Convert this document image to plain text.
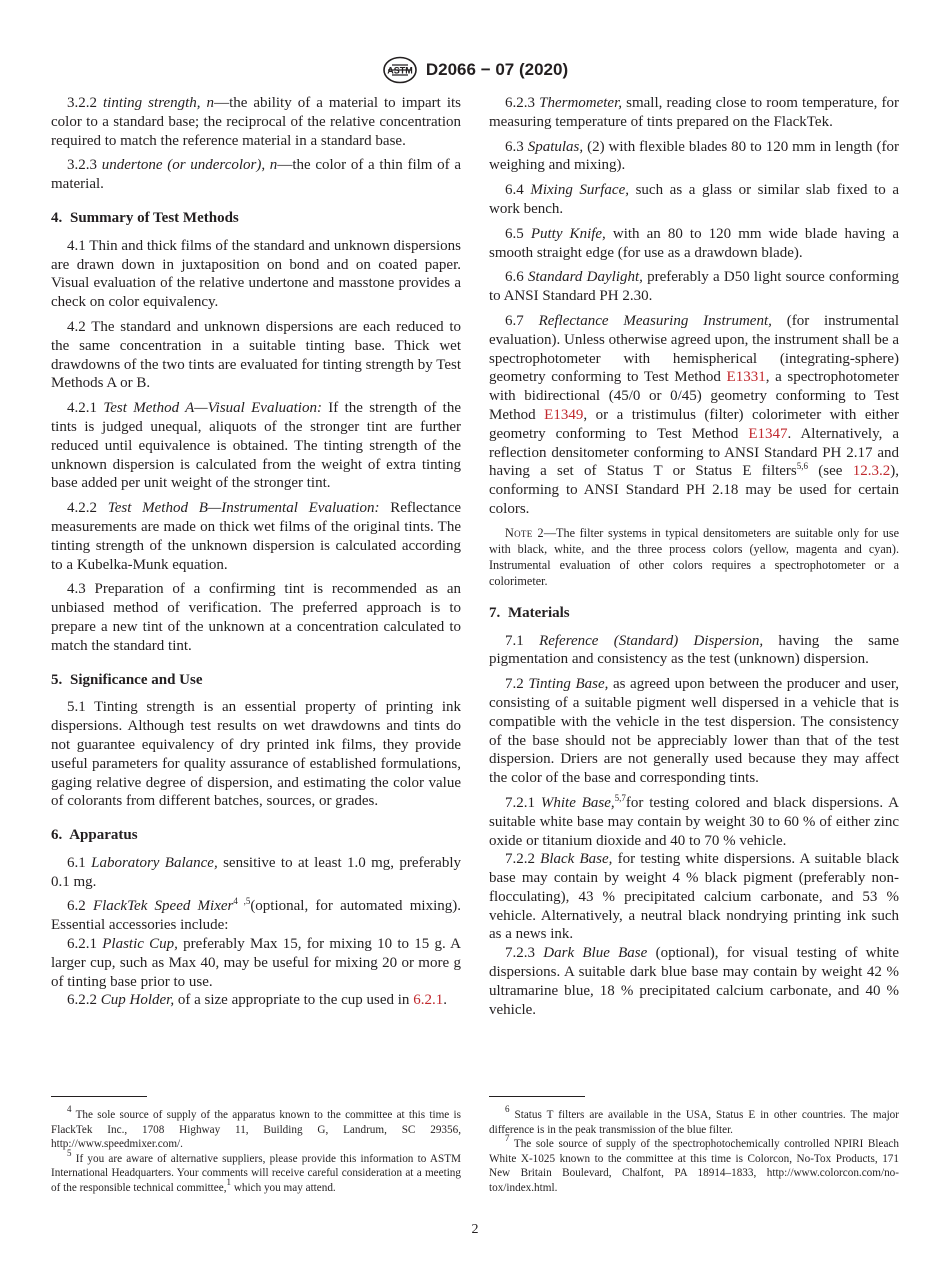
ASTM D2066 − 07 (2020)

3.2.2 tinting strength, n—the ability of a material to impart its color to a standard base; the reciprocal of the relative concentration required to match the reference material in a standard base.

3.2.3 undertone (or undercolor), n—the color of a thin film of a material.

4. Summary of Test Methods

4.1 Thin and thick films of the standard and unknown dispersions are drawn down in juxtaposition on bond and on coated paper. Visual evaluation of the relative undertone and masstone provides a check on color equivalency.

4.2 The standard and unknown dispersions are each reduced to the same concentration in a suitable tinting base. Thick wet drawdowns of the two tints are evaluated for tinting strength by Test Methods A or B.

4.2.1 Test Method A—Visual Evaluation: If the strength of the tints is judged unequal, aliquots of the stronger tint are further reduced until equivalence is obtained. The tinting strength of the unknown dispersion is calculated from the weight of extra tinting base added per unit weight of the stronger tint.

4.2.2 Test Method B—Instrumental Evaluation: Reflectance measurements are made on thick wet films of the original tints. The tinting strength of the unknown dispersion is calculated according to a Kubelka-Munk equation.

4.3 Preparation of a confirming tint is recommended as an unbiased method of verification. The preferred approach is to prepare a new tint of the unknown at a concentration calculated to match the standard tint.

5. Significance and Use

5.1 Tinting strength is an essential property of printing ink dispersions. Although test results on wet drawdowns and tints do not guarantee equivalency of dry printed ink films, they provide useful parameters for quality assurance of established formulations, gaging relative degree of dispersion, and estimating the color value of colorants from different batches, sources, or grades.

6. Apparatus

6.1 Laboratory Balance, sensitive to at least 1.0 mg, preferably 0.1 mg.

6.2 FlackTek Speed Mixer$^{4 ,5}$(optional, for automated mixing). Essential accessories include:

6.2.1 Plastic Cup, preferably Max 15, for mixing 10 to 15 g. A larger cup, such as Max 40, may be useful for mixing 20 or more g of tinting base prior to use.

6.2.2 Cup Holder, of a size appropriate to the cup used in 6.2.1.

6.2.3 Thermometer, small, reading close to room temperature, for measuring temperature of tints prepared on the FlackTek.

6.3 Spatulas, (2) with flexible blades 80 to 120 mm in length (for weighing and mixing).

6.4 Mixing Surface, such as a glass or similar slab fixed to a work bench.

6.5 Putty Knife, with an 80 to 120 mm wide blade having a smooth straight edge (for use as a drawdown blade).

6.6 Standard Daylight, preferably a D50 light source conforming to ANSI Standard PH 2.30.

6.7 Reflectance Measuring Instrument, (for instrumental evaluation). Unless otherwise agreed upon, the instrument shall be a spectrophotometer with hemispherical (integrating-sphere) geometry conforming to Test Method E1331, a spectrophotometer with bidirectional (45/0 or 0/45) geometry conforming to Test Method E1349, or a tristimulus (filter) colorimeter with either geometry conforming to Test Method E1347. Alternatively, a reflection densitometer conforming to ANSI Standard PH 2.17 and having a set of Status T or Status E filters$^{5,6}$ (see 12.3.2), conforming to ANSI Standard PH 2.18 may be used for certain colors.

Note 2—The filter systems in typical densitometers are suitable only for use with black, white, and the three process colors (yellow, magenta and cyan). Instrumental evaluation of other colors requires a spectrophotometer or a colorimeter.

7. Materials

7.1 Reference (Standard) Dispersion, having the same pigmentation and consistency as the test (unknown) dispersion.

7.2 Tinting Base, as agreed upon between the producer and user, consisting of a suitable pigment well dispersed in a vehicle that is compatible with the vehicle in the test dispersion. The consistency of the base should not be appreciably lower than that of the test dispersion. Driers are not generally used because they may affect the color of the base and corresponding tints.

7.2.1 White Base,$^{5,7}$for testing colored and black dispersions. A suitable white base may contain by weight 30 to 60 % of either zinc oxide or titanium dioxide and 40 to 70 % vehicle.

7.2.2 Black Base, for testing white dispersions. A suitable black base may contain by weight 4 % black pigment (preferably non-flocculating), 43 % precipitated calcium carbonate, and 53 % vehicle. Alternatively, a neutral black nondrying printing ink such as a news ink.

7.2.3 Dark Blue Base (optional), for visual testing of white dispersions. A suitable dark blue base may contain by weight 42 % ultramarine blue, 18 % precipitated calcium carbonate, and 40 % vehicle.

$^4$ The sole source of supply of the apparatus known to the committee at this time is FlackTek Inc., 1708 Highway 11, Building G, Landrum, SC 29356, http://www.speedmixer.com/.

$^5$ If you are aware of alternative suppliers, please provide this information to ASTM International Headquarters. Your comments will receive careful consideration at a meeting of the responsible technical committee,$^1$ which you may attend.

$^6$ Status T filters are available in the USA, Status E in other countries. The major difference is in the peak transmission of the blue filter.

$^7$ The sole source of supply of the spectrophotochemically controlled NPIRI Bleach White X-1025 known to the committee at this time is Colorcon, No-Tox Products, 171 New Britain Boulevard, Chalfont, PA 18914–1833, http://www.colorcon.com/no-tox/index.html.

2
